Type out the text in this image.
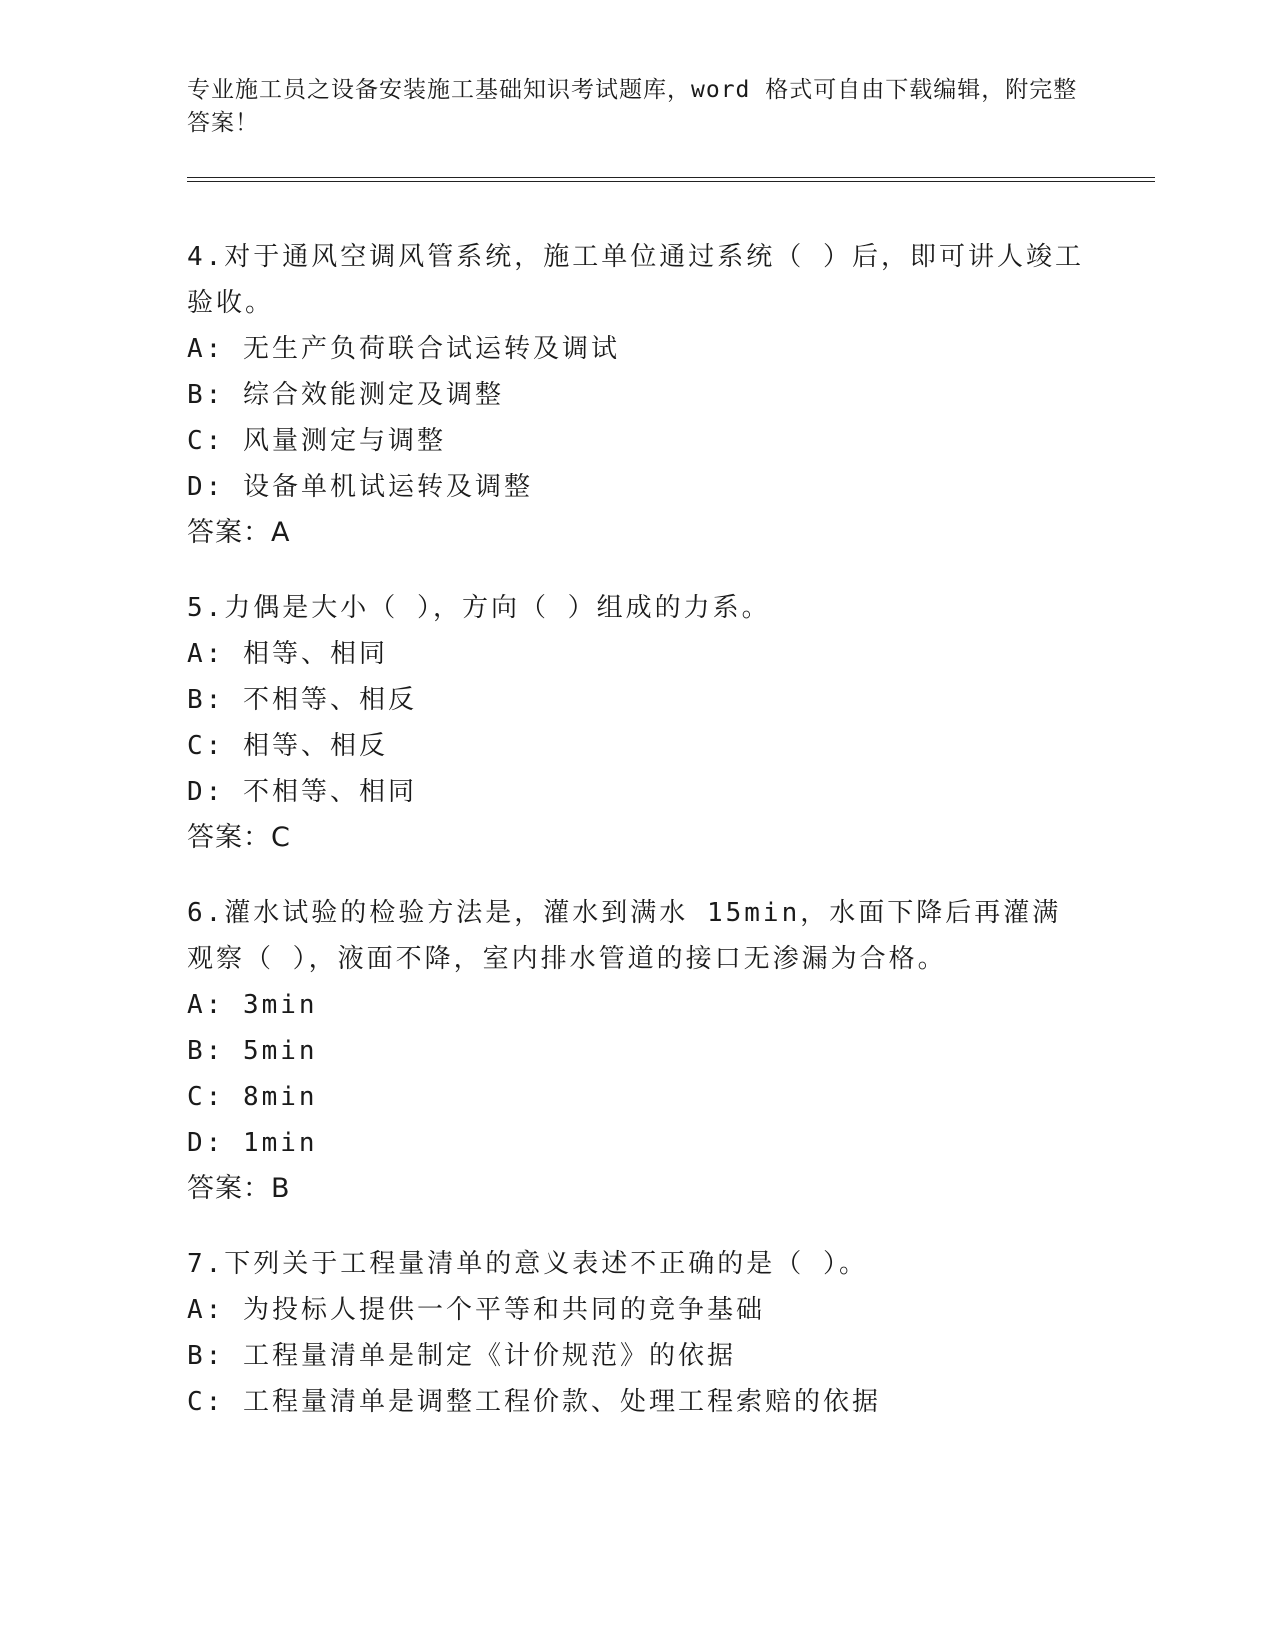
专业施工员之设备安装施工基础知识考试题库，word 格式可自由下载编辑，附完整答案！
4.对于通风空调风管系统，施工单位通过系统（ ）后，即可讲人竣工验收。
A: 无生产负荷联合试运转及调试
B: 综合效能测定及调整
C: 风量测定与调整
D: 设备单机试运转及调整
答案：A
5.力偶是大小（ ），方向（ ）组成的力系。
A: 相等、相同
B: 不相等、相反
C: 相等、相反
D: 不相等、相同
答案：C
6.灌水试验的检验方法是，灌水到满水 15min，水面下降后再灌满观察（ ），液面不降，室内排水管道的接口无渗漏为合格。
A: 3min
B: 5min
C: 8min
D: 1min
答案：B
7.下列关于工程量清单的意义表述不正确的是（ ）。
A: 为投标人提供一个平等和共同的竞争基础
B: 工程量清单是制定《计价规范》的依据
C: 工程量清单是调整工程价款、处理工程索赔的依据
